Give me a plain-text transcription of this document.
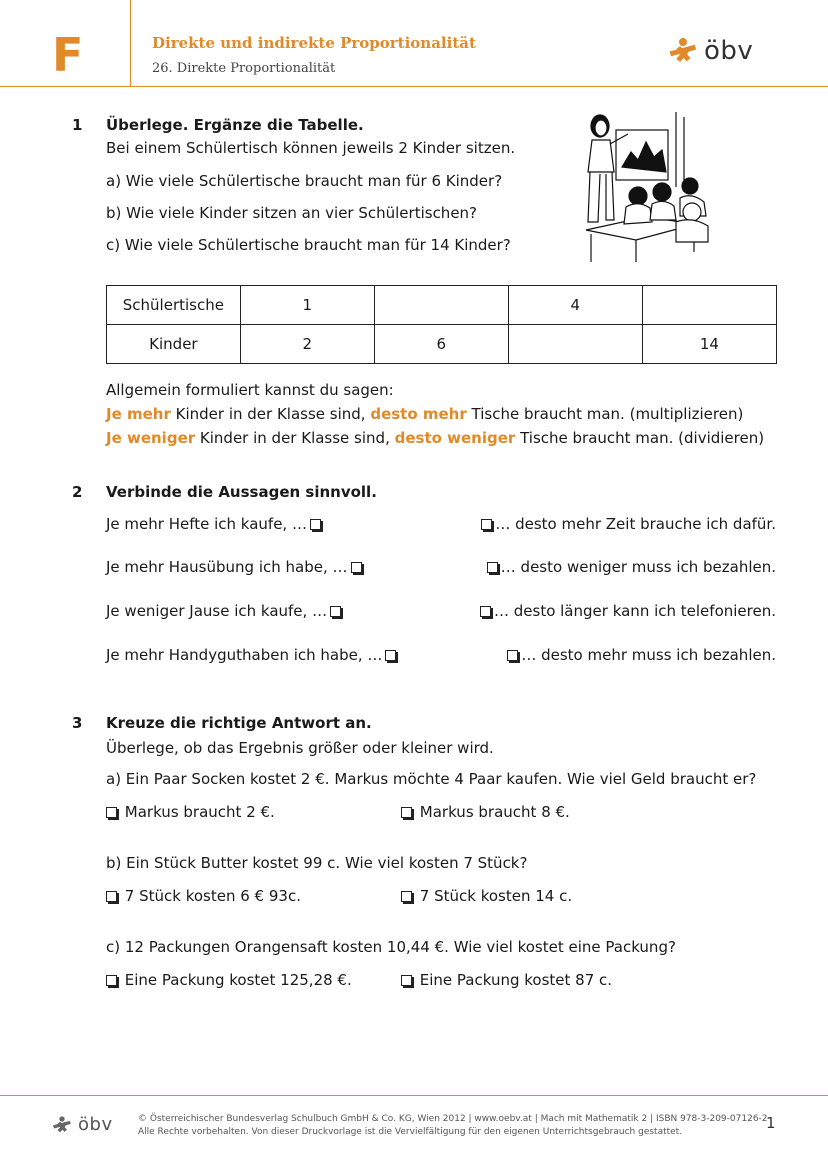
F	Direkte und indirekte Proportionalität
26. Direkte Proportionalität
öbv
1 Überlege. Ergänze die Tabelle.
Bei einem Schülertisch können jeweils 2 Kinder sitzen.
a) Wie viele Schülertische braucht man für 6 Kinder?
b) Wie viele Kinder sitzen an vier Schülertischen?
c) Wie viele Schülertische braucht man für 14 Kinder?
Schülertische	1		4	
Kinder	2	6		14
Allgemein formuliert kannst du sagen:
Je mehr Kinder in der Klasse sind, desto mehr Tische braucht man. (multiplizieren)
Je weniger Kinder in der Klasse sind, desto weniger Tische braucht man. (dividieren)
2 Verbinde die Aussagen sinnvoll.
Je mehr Hefte ich kaufe, …
Je mehr Hausübung ich habe, …
Je weniger Jause ich kaufe, …
Je mehr Handyguthaben ich habe, …
… desto mehr Zeit brauche ich dafür.
… desto weniger muss ich bezahlen.
… desto länger kann ich telefonieren.
… desto mehr muss ich bezahlen.
3 Kreuze die richtige Antwort an.
Überlege, ob das Ergebnis größer oder kleiner wird.
a) Ein Paar Socken kostet 2 €. Markus möchte 4 Paar kaufen. Wie viel Geld braucht er?
Markus braucht 2 €.	Markus braucht 8 €.
b) Ein Stück Butter kostet 99 c. Wie viel kosten 7 Stück?
7 Stück kosten 6 € 93c.	7 Stück kosten 14 c.
c) 12 Packungen Orangensaft kosten 10,44 €. Wie viel kostet eine Packung?
Eine Packung kostet 125,28 €.	Eine Packung kostet 87 c.
öbv	© Österreichischer Bundesverlag Schulbuch GmbH & Co. KG, Wien 2012 | www.oebv.at | Mach mit Mathematik 2 | ISBN 978-3-209-07126-2
Alle Rechte vorbehalten. Von dieser Druckvorlage ist die Vervielfältigung für den eigenen Unterrichtsgebrauch gestattet.	1
